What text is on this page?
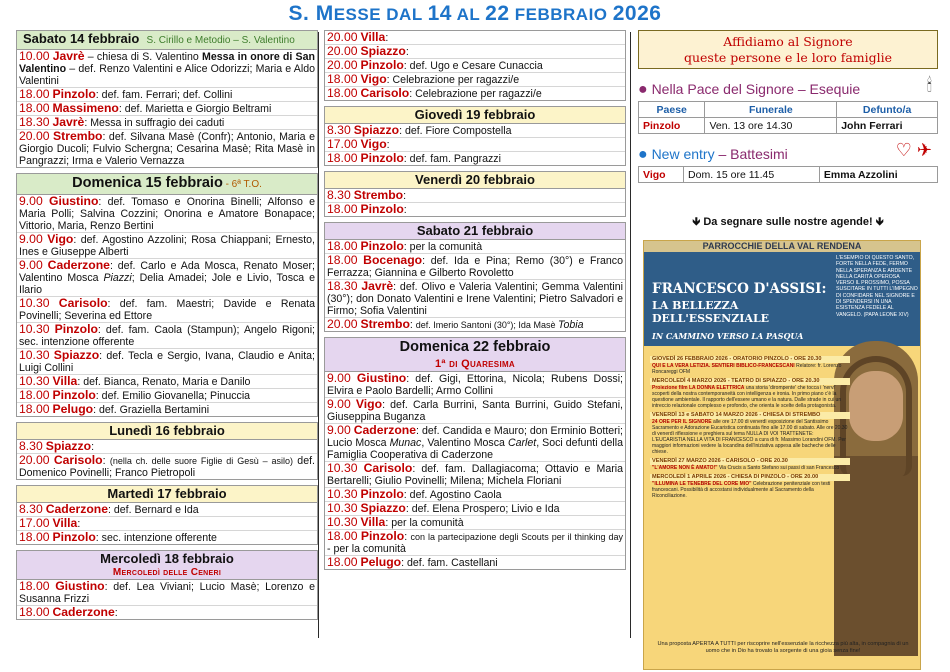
S. MESSE DAL 14 AL 22 FEBBRAIO 2026
Sabato 14 febbraio S. Cirillo e Metodio – S. Valentino
10.00 Javrè – chiesa di S. Valentino Messa in onore di San Valentino – def. Renzo Valentini e Alice Odorizzi; Maria e Aldo Valentini
18.00 Pinzolo: def. fam. Ferrari; def. Collini
18.00 Massimeno: def. Marietta e Giorgio Beltrami
18.30 Javrè: Messa in suffragio dei caduti
20.00 Strembo: def. Silvana Masè (Confr); Antonio, Maria e Giorgio Ducoli; Fulvio Schergna; Cesarina Masè; Rita Masè in Pangrazzi; Irma e Valerio Vernazza
Domenica 15 febbraio - 6ª T.O.
9.00 Giustino: def. Tomaso e Onorina Binelli; Alfonso e Maria Polli; Salvina Cozzini; Onorina e Amatore Bonapace; Vittorio, Maria, Renzo Bertini
9.00 Vigo: def. Agostino Azzolini; Rosa Chiappani; Ernesto, Ines e Giuseppe Alberti
9.00 Caderzone: def. Carlo e Ada Mosca, Renato Moser; Valentino Mosca Piazzi; Delia Amadei; Jole e Livio, Tosca e Ilario
10.30 Carisolo: def. fam. Maestri; Davide e Renata Povinelli; Severina ed Ettore
10.30 Pinzolo: def. fam. Caola (Stampun); Angelo Rigoni; sec. intenzione offerente
10.30 Spiazzo: def. Tecla e Sergio, Ivana, Claudio e Anita; Luigi Collini
10.30 Villa: def. Bianca, Renato, Maria e Danilo
18.00 Pinzolo: def. Emilio Giovanella; Pinuccia
18.00 Pelugo: def. Graziella Bertamini
Lunedì 16 febbraio
8.30 Spiazzo:
20.00 Carisolo: (nella ch. delle suore Figlie di Gesù – asilo) def. Domenico Povinelli; Franco Pietropoli
Martedì 17 febbraio
8.30 Caderzone: def. Bernard e Ida
17.00 Villa:
18.00 Pinzolo: sec. intenzione offerente
Mercoledì 18 febbraio
Mercoledì delle Ceneri
18.00 Giustino: def. Lea Viviani; Lucio Masè; Lorenzo e Susanna Frizzi
18.00 Caderzone:
20.00 Villa:
20.00 Spiazzo:
20.00 Pinzolo: def. Ugo e Cesare Cunaccia
18.00 Vigo: Celebrazione per ragazzi/e
18.00 Carisolo: Celebrazione per ragazzi/e
Giovedì 19 febbraio
8.30 Spiazzo: def. Fiore Compostella
17.00 Vigo:
18.00 Pinzolo: def. fam. Pangrazzi
Venerdì 20 febbraio
8.30 Strembo:
18.00 Pinzolo:
Sabato 21 febbraio
18.00 Pinzolo: per la comunità
18.00 Bocenago: def. Ida e Pina; Remo (30°) e Franco Ferrazza; Giannina e Gilberto Rovoletto
18.30 Javrè: def. Olivo e Valeria Valentini; Gemma Valentini (30°); don Donato Valentini e Irene Valentini; Pietro Salvadori e Firmo; Sofia Valentini
20.00 Strembo: def. Imerio Santoni (30°); Ida Masè Tobia
Domenica 22 febbraio
1ª di Quaresima
9.00 Giustino: def. Gigi, Ettorina, Nicola; Rubens Dossi; Elvira e Paolo Bardelli; Armo Collini
9.00 Vigo: def. Carla Burrini, Santa Burrini, Guido Stefani, Giuseppina Buganza
9.00 Caderzone: def. Candida e Mauro; don Erminio Botteri; Lucio Mosca Munac, Valentino Mosca Carlet, Soci defunti della Famiglia Cooperativa di Caderzone
10.30 Carisolo: def. fam. Dallagiacoma; Ottavio e Maria Bertarelli; Giulio Povinelli; Milena; Michela Floriani
10.30 Pinzolo: def. Agostino Caola
10.30 Spiazzo: def. Elena Prospero; Livio e Ida
10.30 Villa: per la comunità
18.00 Pinzolo: con la partecipazione degli Scouts per il thinking day - per la comunità
18.00 Pelugo: def. fam. Castellani
Affidiamo al Signore
queste persone e le loro famiglie
● Nella Pace del Signore – Esequie	🕯
Paese	Funerale	Defunto/a
Pinzolo	Ven. 13 ore 14.30	John Ferrari
● New entry – Battesimi	♡ ✈
Vigo	Dom. 15 ore 11.45	Emma Azzolini
🡻 Da segnare sulle nostre agende! 🡻
PARROCCHIE DELLA VAL RENDENA
FRANCESCO D'ASSISI:
LA BELLEZZA DELL'ESSENZIALE
IN CAMMINO VERSO LA PASQUA
L'ESEMPIO DI QUESTO SANTO, FORTE NELLA FEDE, FERMO NELLA SPERANZA E ARDENTE NELLA CARITÀ OPEROSA VERSO IL PROSSIMO, POSSA SUSCITARE IN TUTTI L'IMPEGNO DI CONFIDARE NEL SIGNORE E DI SPENDERSI IN UNA ESISTENZA FEDELE AL VANGELO. (PAPA LEONE XIV)
GIOVEDÌ 26 FEBBRAIO 2026 - ORATORIO PINZOLO - ORE 20.30
QUI E LA VERA LETIZIA. SENTIERI BIBLICO-FRANCESCANI Relatore: fr. Lorenzo Roncareggi OFM
MERCOLEDÌ 4 MARZO 2026 - TEATRO DI SPIAZZO - ORE 20.30
Proiezione film LA DONNA ELETTRICA una storia 'dirompente' che tocca i 'nervi' scoperti della nostra contemporaneità con intelligenza e ironia. In primo piano c'è la questione ambientale. Il rapporto dell'essere umano e la natura. Dalle strade in cui un intreccio relazionale complesso e profondo, che orienta le scelte della protagonista.
VENERDÌ 13 e SABATO 14 MARZO 2026 - CHIESA DI STREMBO
24 ORE PER IL SIGNORE alle ore 17.00 di venerdì esposizione del Santissimo Sacramento e Adorazione Eucaristica continuata fino alle 17.00 di sabato. Alle ore 20.30 di venerdì riflessione e preghiera sul tema NULLA DI VOI TRATTENETE: L'EUCARISTIA NELLA VITA DI FRANCESCO a cura di fr. Massimo Lorandini OFM. Per maggiori informazioni vedere la locandina dell'iniziativa appesa alle bacheche delle chiese.
VENERDÌ 27 MARZO 2026 - CARISOLO - ORE 20.30
"L'AMORE NON È AMATO!" Via Crucis a Santo Stefano sui passi di san Francesco
MERCOLEDÌ 1 APRILE 2026 - CHIESA DI PINZOLO - ORE 20.00
"ILLUMINA LE TENEBRE DEL CORE MIO" Celebrazione penitenziale con testi francescani. Possibilità di accostarsi individualmente al Sacramento della Riconciliazione.
Una proposta APERTA A TUTTI per riscoprire nell'essenziale la ricchezza più alta, in compagnia di un uomo che in Dio ha trovato la sorgente di una gioia senza fine!
